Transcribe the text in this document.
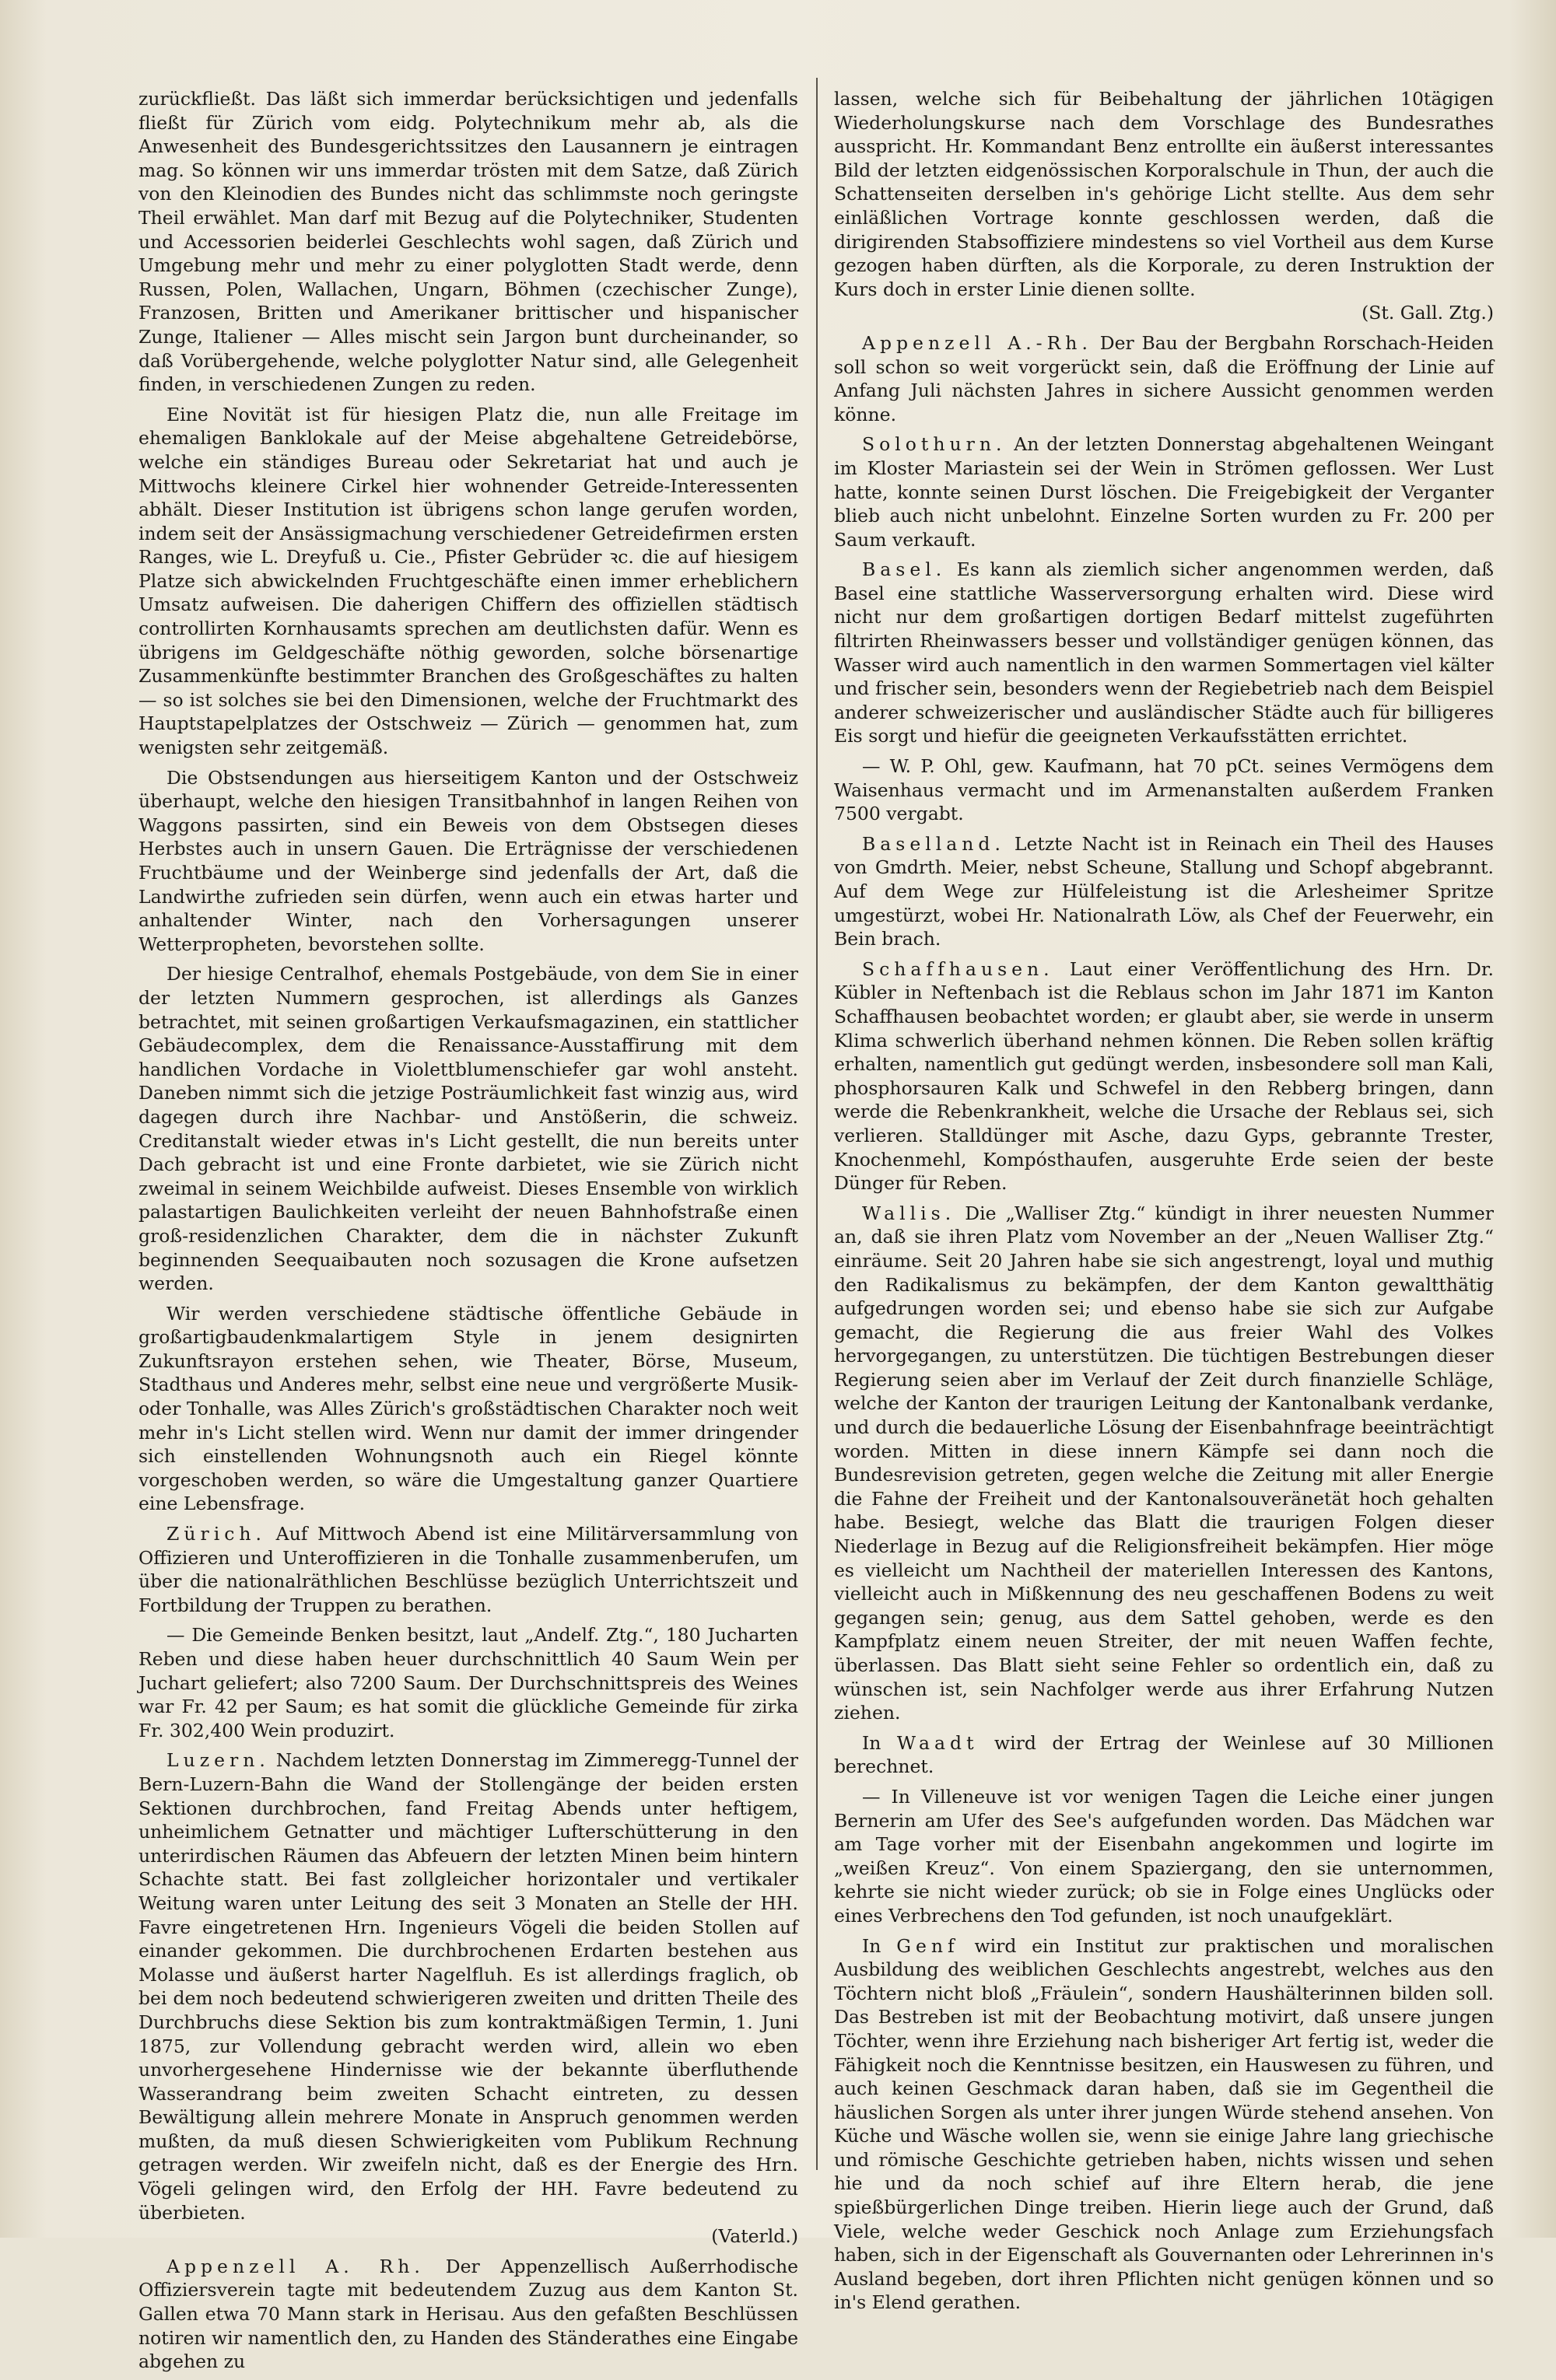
zurückfließt. Das läßt sich immerdar berücksichtigen und jedenfalls fließt für Zürich vom eidg. Polytechnikum mehr ab, als die Anwesenheit des Bundesgerichtssitzes den Lausannern je eintragen mag. So können wir uns immerdar trösten mit dem Satze, daß Zürich von den Kleinodien des Bundes nicht das schlimmste noch geringste Theil erwählet. Man darf mit Bezug auf die Polytechniker, Studenten und Accessorien beiderlei Geschlechts wohl sagen, daß Zürich und Umgebung mehr und mehr zu einer polyglotten Stadt werde, denn Russen, Polen, Wallachen, Ungarn, Böhmen (czechischer Zunge), Franzosen, Britten und Amerikaner brittischer und hispanischer Zunge, Italiener — Alles mischt sein Jargon bunt durcheinander, so daß Vorübergehende, welche polyglotter Natur sind, alle Gelegenheit finden, in verschiedenen Zungen zu reden.

Eine Novität ist für hiesigen Platz die, nun alle Freitage im ehemaligen Banklokale auf der Meise abgehaltene Getreidebörse, welche ein ständiges Bureau oder Sekretariat hat und auch je Mittwochs kleinere Cirkel hier wohnender Getreide-Interessenten abhält. Dieser Institution ist übrigens schon lange gerufen worden, indem seit der Ansässigmachung verschiedener Getreidefirmen ersten Ranges, wie L. Dreyfuß u. Cie., Pfister Gebrüder ꝛc. die auf hiesigem Platze sich abwickelnden Fruchtgeschäfte einen immer erheblichern Umsatz aufweisen. Die daherigen Chiffern des offiziellen städtisch controllirten Kornhausamts sprechen am deutlichsten dafür. Wenn es übrigens im Geldgeschäfte nöthig geworden, solche börsenartige Zusammenkünfte bestimmter Branchen des Großgeschäftes zu halten — so ist solches sie bei den Dimensionen, welche der Fruchtmarkt des Hauptstapelplatzes der Ostschweiz — Zürich — genommen hat, zum wenigsten sehr zeitgemäß.

Die Obstsendungen aus hierseitigem Kanton und der Ostschweiz überhaupt, welche den hiesigen Transitbahnhof in langen Reihen von Waggons passirten, sind ein Beweis von dem Obstsegen dieses Herbstes auch in unsern Gauen. Die Erträgnisse der verschiedenen Fruchtbäume und der Weinberge sind jedenfalls der Art, daß die Landwirthe zufrieden sein dürfen, wenn auch ein etwas harter und anhaltender Winter, nach den Vorhersagungen unserer Wetterpropheten, bevorstehen sollte.

Der hiesige Centralhof, ehemals Postgebäude, von dem Sie in einer der letzten Nummern gesprochen, ist allerdings als Ganzes betrachtet, mit seinen großartigen Verkaufsmagazinen, ein stattlicher Gebäudecomplex, dem die Renaissance-Ausstaffirung mit dem handlichen Vordache in Violettblumenschiefer gar wohl ansteht. Daneben nimmt sich die jetzige Posträumlichkeit fast winzig aus, wird dagegen durch ihre Nachbar- und Anstößerin, die schweiz. Creditanstalt wieder etwas in's Licht gestellt, die nun bereits unter Dach gebracht ist und eine Fronte darbietet, wie sie Zürich nicht zweimal in seinem Weichbilde aufweist. Dieses Ensemble von wirklich palastartigen Baulichkeiten verleiht der neuen Bahnhofstraße einen groß-residenzlichen Charakter, dem die in nächster Zukunft beginnenden Seequaibauten noch sozusagen die Krone aufsetzen werden.

Wir werden verschiedene städtische öffentliche Gebäude in großartigbaudenkmalartigem Style in jenem designirten Zukunftsrayon erstehen sehen, wie Theater, Börse, Museum, Stadthaus und Anderes mehr, selbst eine neue und vergrößerte Musik- oder Tonhalle, was Alles Zürich's großstädtischen Charakter noch weit mehr in's Licht stellen wird. Wenn nur damit der immer dringender sich einstellenden Wohnungsnoth auch ein Riegel könnte vorgeschoben werden, so wäre die Umgestaltung ganzer Quartiere eine Lebensfrage.

Zürich. Auf Mittwoch Abend ist eine Militärversammlung von Offizieren und Unteroffizieren in die Tonhalle zusammenberufen, um über die nationalräthlichen Beschlüsse bezüglich Unterrichtszeit und Fortbildung der Truppen zu berathen.

— Die Gemeinde Benken besitzt, laut „Andelf. Ztg.“, 180 Jucharten Reben und diese haben heuer durchschnittlich 40 Saum Wein per Juchart geliefert; also 7200 Saum. Der Durchschnittspreis des Weines war Fr. 42 per Saum; es hat somit die glückliche Gemeinde für zirka Fr. 302,400 Wein produzirt.

Luzern. Nachdem letzten Donnerstag im Zimmeregg-Tunnel der Bern-Luzern-Bahn die Wand der Stollengänge der beiden ersten Sektionen durchbrochen, fand Freitag Abends unter heftigem, unheimlichem Getnatter und mächtiger Lufterschütterung in den unterirdischen Räumen das Abfeuern der letzten Minen beim hintern Schachte statt. Bei fast zollgleicher horizontaler und vertikaler Weitung waren unter Leitung des seit 3 Monaten an Stelle der HH. Favre eingetretenen Hrn. Ingenieurs Vögeli die beiden Stollen auf einander gekommen. Die durchbrochenen Erdarten bestehen aus Molasse und äußerst harter Nagelfluh. Es ist allerdings fraglich, ob bei dem noch bedeutend schwierigeren zweiten und dritten Theile des Durchbruchs diese Sektion bis zum kontraktmäßigen Termin, 1. Juni 1875, zur Vollendung gebracht werden wird, allein wo eben unvorhergesehene Hindernisse wie der bekannte überfluthende Wasserandrang beim zweiten Schacht eintreten, zu dessen Bewältigung allein mehrere Monate in Anspruch genommen werden mußten, da muß diesen Schwierigkeiten vom Publikum Rechnung getragen werden. Wir zweifeln nicht, daß es der Energie des Hrn. Vögeli gelingen wird, den Erfolg der HH. Favre bedeutend zu überbieten.

(Vaterld.)

Appenzell A. Rh. Der Appenzellisch Außerrhodische Offiziersverein tagte mit bedeutendem Zuzug aus dem Kanton St. Gallen etwa 70 Mann stark in Herisau. Aus den gefaßten Beschlüssen notiren wir namentlich den, zu Handen des Ständerathes eine Eingabe abgehen zu

lassen, welche sich für Beibehaltung der jährlichen 10tägigen Wiederholungskurse nach dem Vorschlage des Bundesrathes ausspricht. Hr. Kommandant Benz entrollte ein äußerst interessantes Bild der letzten eidgenössischen Korporalschule in Thun, der auch die Schattenseiten derselben in's gehörige Licht stellte. Aus dem sehr einläßlichen Vortrage konnte geschlossen werden, daß die dirigirenden Stabsoffiziere mindestens so viel Vortheil aus dem Kurse gezogen haben dürften, als die Korporale, zu deren Instruktion der Kurs doch in erster Linie dienen sollte.

(St. Gall. Ztg.)

Appenzell A.-Rh. Der Bau der Bergbahn Rorschach-Heiden soll schon so weit vorgerückt sein, daß die Eröffnung der Linie auf Anfang Juli nächsten Jahres in sichere Aussicht genommen werden könne.

Solothurn. An der letzten Donnerstag abgehaltenen Weingant im Kloster Mariastein sei der Wein in Strömen geflossen. Wer Lust hatte, konnte seinen Durst löschen. Die Freigebigkeit der Verganter blieb auch nicht unbelohnt. Einzelne Sorten wurden zu Fr. 200 per Saum verkauft.

Basel. Es kann als ziemlich sicher angenommen werden, daß Basel eine stattliche Wasserversorgung erhalten wird. Diese wird nicht nur dem großartigen dortigen Bedarf mittelst zugeführten filtrirten Rheinwassers besser und vollständiger genügen können, das Wasser wird auch namentlich in den warmen Sommertagen viel kälter und frischer sein, besonders wenn der Regiebetrieb nach dem Beispiel anderer schweizerischer und ausländischer Städte auch für billigeres Eis sorgt und hiefür die geeigneten Verkaufsstätten errichtet.

— W. P. Ohl, gew. Kaufmann, hat 70 pCt. seines Vermögens dem Waisenhaus vermacht und im Armenanstalten außerdem Franken 7500 vergabt.

Baselland. Letzte Nacht ist in Reinach ein Theil des Hauses von Gmdrth. Meier, nebst Scheune, Stallung und Schopf abgebrannt. Auf dem Wege zur Hülfeleistung ist die Arlesheimer Spritze umgestürzt, wobei Hr. Nationalrath Löw, als Chef der Feuerwehr, ein Bein brach.

Schaffhausen. Laut einer Veröffentlichung des Hrn. Dr. Kübler in Neftenbach ist die Reblaus schon im Jahr 1871 im Kanton Schaffhausen beobachtet worden; er glaubt aber, sie werde in unserm Klima schwerlich überhand nehmen können. Die Reben sollen kräftig erhalten, namentlich gut gedüngt werden, insbesondere soll man Kali, phosphorsauren Kalk und Schwefel in den Rebberg bringen, dann werde die Rebenkrankheit, welche die Ursache der Reblaus sei, sich verlieren. Stalldünger mit Asche, dazu Gyps, gebrannte Trester, Knochenmehl, Kompósthaufen, ausgeruhte Erde seien der beste Dünger für Reben.

Wallis. Die „Walliser Ztg.“ kündigt in ihrer neuesten Nummer an, daß sie ihren Platz vom November an der „Neuen Walliser Ztg.“ einräume. Seit 20 Jahren habe sie sich angestrengt, loyal und muthig den Radikalismus zu bekämpfen, der dem Kanton gewaltthätig aufgedrungen worden sei; und ebenso habe sie sich zur Aufgabe gemacht, die Regierung die aus freier Wahl des Volkes hervorgegangen, zu unterstützen. Die tüchtigen Bestrebungen dieser Regierung seien aber im Verlauf der Zeit durch finanzielle Schläge, welche der Kanton der traurigen Leitung der Kantonalbank verdanke, und durch die bedauerliche Lösung der Eisenbahnfrage beeinträchtigt worden. Mitten in diese innern Kämpfe sei dann noch die Bundesrevision getreten, gegen welche die Zeitung mit aller Energie die Fahne der Freiheit und der Kantonalsouveränetät hoch gehalten habe. Besiegt, welche das Blatt die traurigen Folgen dieser Niederlage in Bezug auf die Religionsfreiheit bekämpfen. Hier möge es vielleicht um Nachtheil der materiellen Interessen des Kantons, vielleicht auch in Mißkennung des neu geschaffenen Bodens zu weit gegangen sein; genug, aus dem Sattel gehoben, werde es den Kampfplatz einem neuen Streiter, der mit neuen Waffen fechte, überlassen. Das Blatt sieht seine Fehler so ordentlich ein, daß zu wünschen ist, sein Nachfolger werde aus ihrer Erfahrung Nutzen ziehen.

In Waadt wird der Ertrag der Weinlese auf 30 Millionen berechnet.

— In Villeneuve ist vor wenigen Tagen die Leiche einer jungen Bernerin am Ufer des See's aufgefunden worden. Das Mädchen war am Tage vorher mit der Eisenbahn angekommen und logirte im „weißen Kreuz“. Von einem Spaziergang, den sie unternommen, kehrte sie nicht wieder zurück; ob sie in Folge eines Unglücks oder eines Verbrechens den Tod gefunden, ist noch unaufgeklärt.

In Genf wird ein Institut zur praktischen und moralischen Ausbildung des weiblichen Geschlechts angestrebt, welches aus den Töchtern nicht bloß „Fräulein“, sondern Haushälterinnen bilden soll. Das Bestreben ist mit der Beobachtung motivirt, daß unsere jungen Töchter, wenn ihre Erziehung nach bisheriger Art fertig ist, weder die Fähigkeit noch die Kenntnisse besitzen, ein Hauswesen zu führen, und auch keinen Geschmack daran haben, daß sie im Gegentheil die häuslichen Sorgen als unter ihrer jungen Würde stehend ansehen. Von Küche und Wäsche wollen sie, wenn sie einige Jahre lang griechische und römische Geschichte getrieben haben, nichts wissen und sehen hie und da noch schief auf ihre Eltern herab, die jene spießbürgerlichen Dinge treiben. Hierin liege auch der Grund, daß Viele, welche weder Geschick noch Anlage zum Erziehungsfach haben, sich in der Eigenschaft als Gouvernanten oder Lehrerinnen in's Ausland begeben, dort ihren Pflichten nicht genügen können und so in's Elend gerathen.
